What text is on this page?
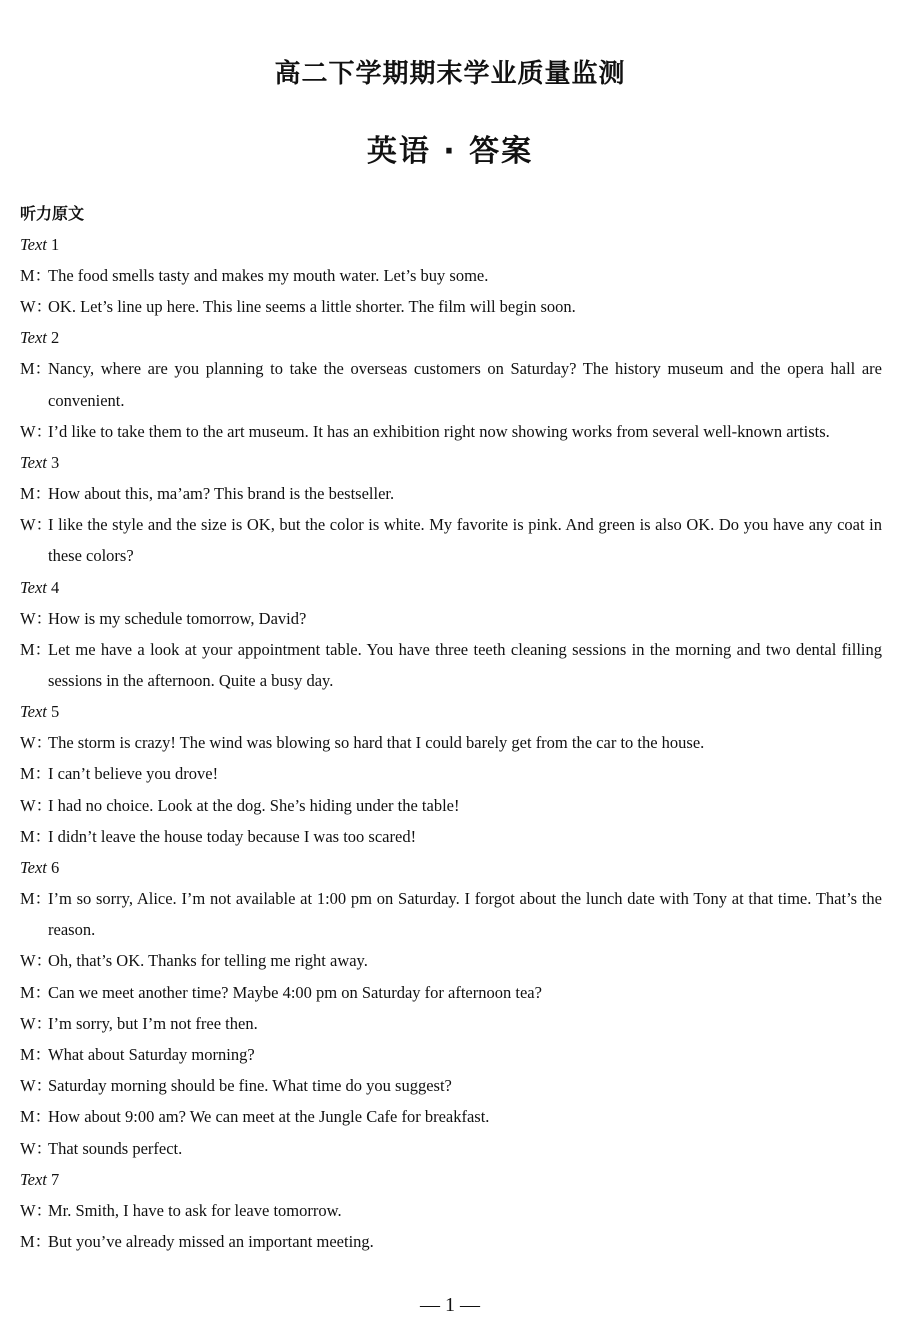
高二下学期期末学业质量监测
英语 · 答案
听力原文
Text 1
M：
The food smells tasty and makes my mouth water. Let’s buy some.
W：
OK. Let’s line up here. This line seems a little shorter. The film will begin soon.
Text 2
M：
Nancy, where are you planning to take the overseas customers on Saturday? The history museum and the opera hall are convenient.
W：
I’d like to take them to the art museum. It has an exhibition right now showing works from several well-known artists.
Text 3
M：
How about this, ma’am? This brand is the bestseller.
W：
I like the style and the size is OK, but the color is white. My favorite is pink. And green is also OK. Do you have any coat in these colors?
Text 4
W：
How is my schedule tomorrow, David?
M：
Let me have a look at your appointment table. You have three teeth cleaning sessions in the morning and two dental filling sessions in the afternoon. Quite a busy day.
Text 5
W：
The storm is crazy! The wind was blowing so hard that I could barely get from the car to the house.
M：
I can’t believe you drove!
W：
I had no choice. Look at the dog. She’s hiding under the table!
M：
I didn’t leave the house today because I was too scared!
Text 6
M：
I’m so sorry, Alice. I’m not available at 1:00 pm on Saturday. I forgot about the lunch date with Tony at that time. That’s the reason.
W：
Oh, that’s OK. Thanks for telling me right away.
M：
Can we meet another time? Maybe 4:00 pm on Saturday for afternoon tea?
W：
I’m sorry, but I’m not free then.
M：
What about Saturday morning?
W：
Saturday morning should be fine. What time do you suggest?
M：
How about 9:00 am? We can meet at the Jungle Cafe for breakfast.
W：
That sounds perfect.
Text 7
W：
Mr. Smith, I have to ask for leave tomorrow.
M：
But you’ve already missed an important meeting.
— 1 —
